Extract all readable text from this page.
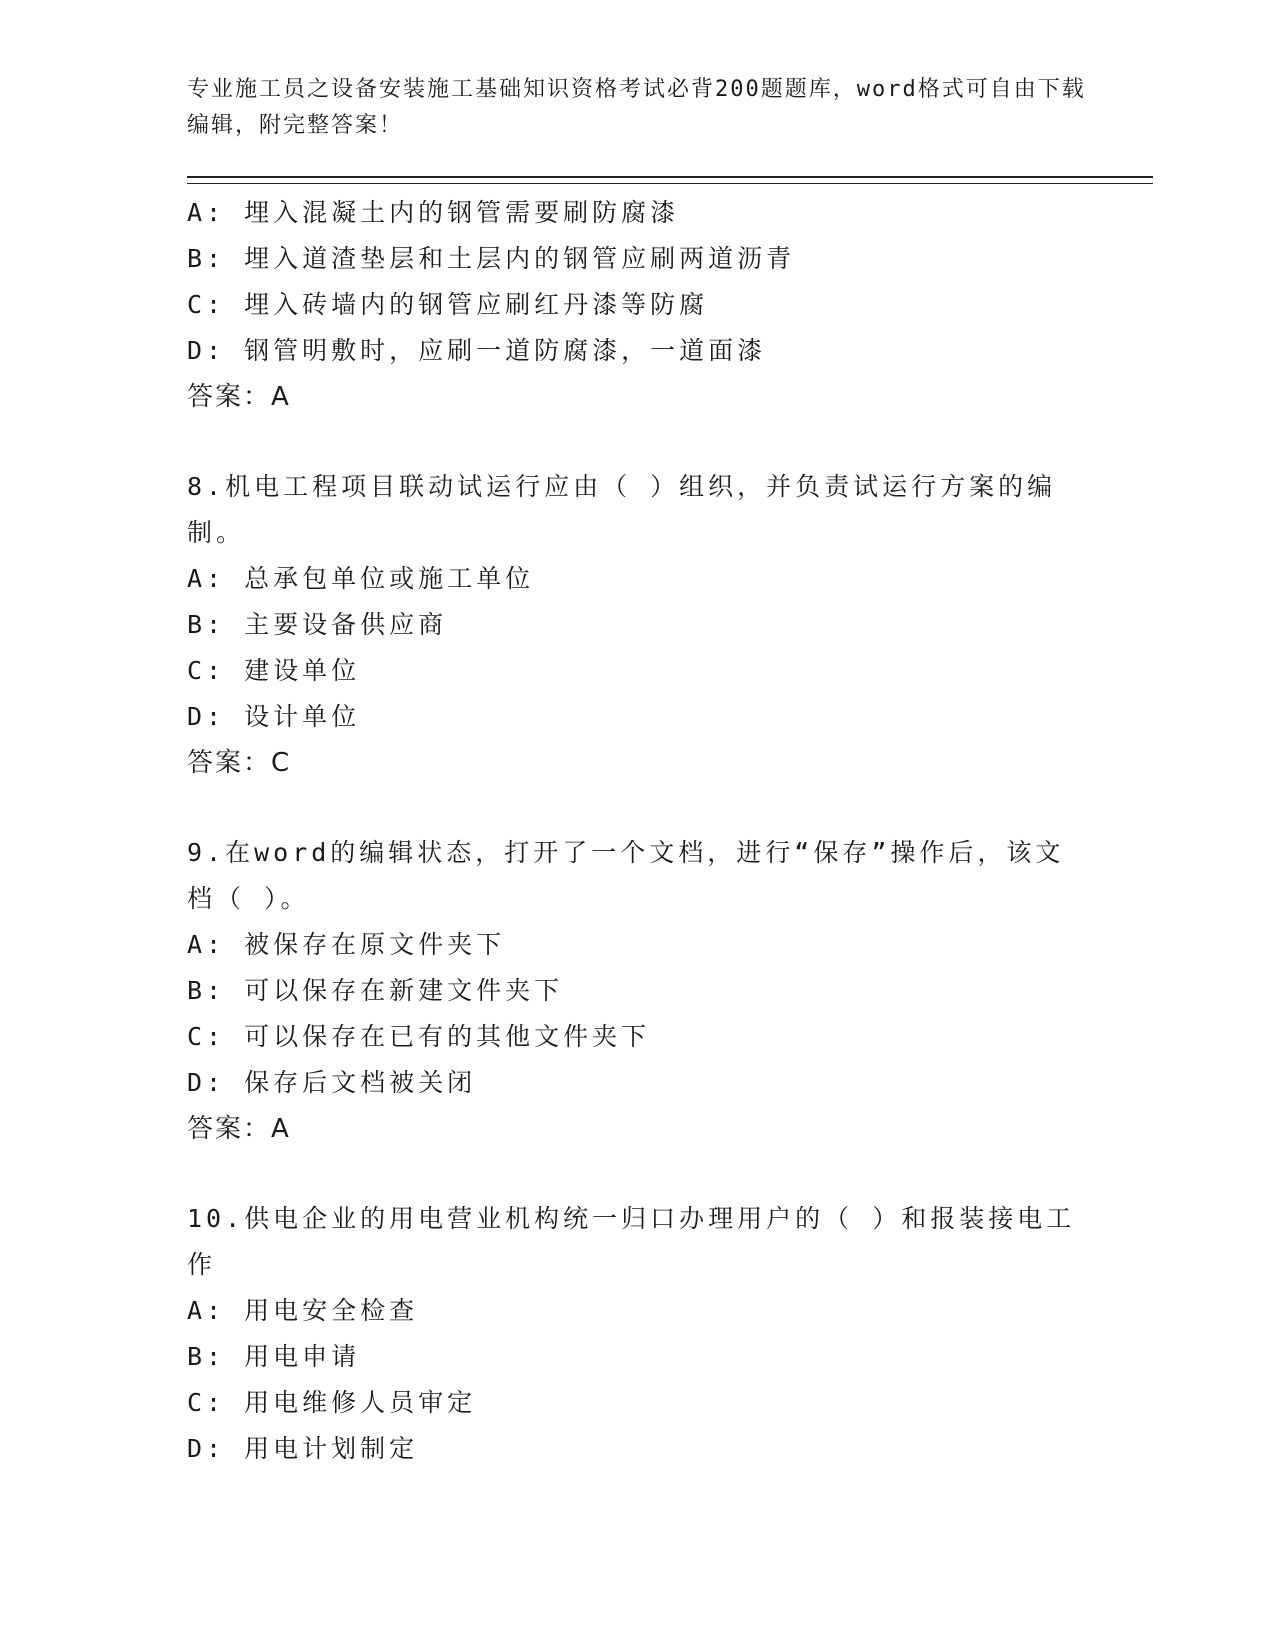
专业施工员之设备安装施工基础知识资格考试必背200题题库，word格式可自由下载编辑，附完整答案！
A: 埋入混凝土内的钢管需要刷防腐漆
B: 埋入道渣垫层和土层内的钢管应刷两道沥青
C: 埋入砖墙内的钢管应刷红丹漆等防腐
D: 钢管明敷时，应刷一道防腐漆，一道面漆
答案：A
8.机电工程项目联动试运行应由（ ）组织，并负责试运行方案的编制。
A: 总承包单位或施工单位
B: 主要设备供应商
C: 建设单位
D: 设计单位
答案：C
9.在word的编辑状态，打开了一个文档，进行“保存”操作后，该文档（ ）。
A: 被保存在原文件夹下
B: 可以保存在新建文件夹下
C: 可以保存在已有的其他文件夹下
D: 保存后文档被关闭
答案：A
10.供电企业的用电营业机构统一归口办理用户的（ ）和报装接电工作
A: 用电安全检查
B: 用电申请
C: 用电维修人员审定
D: 用电计划制定
